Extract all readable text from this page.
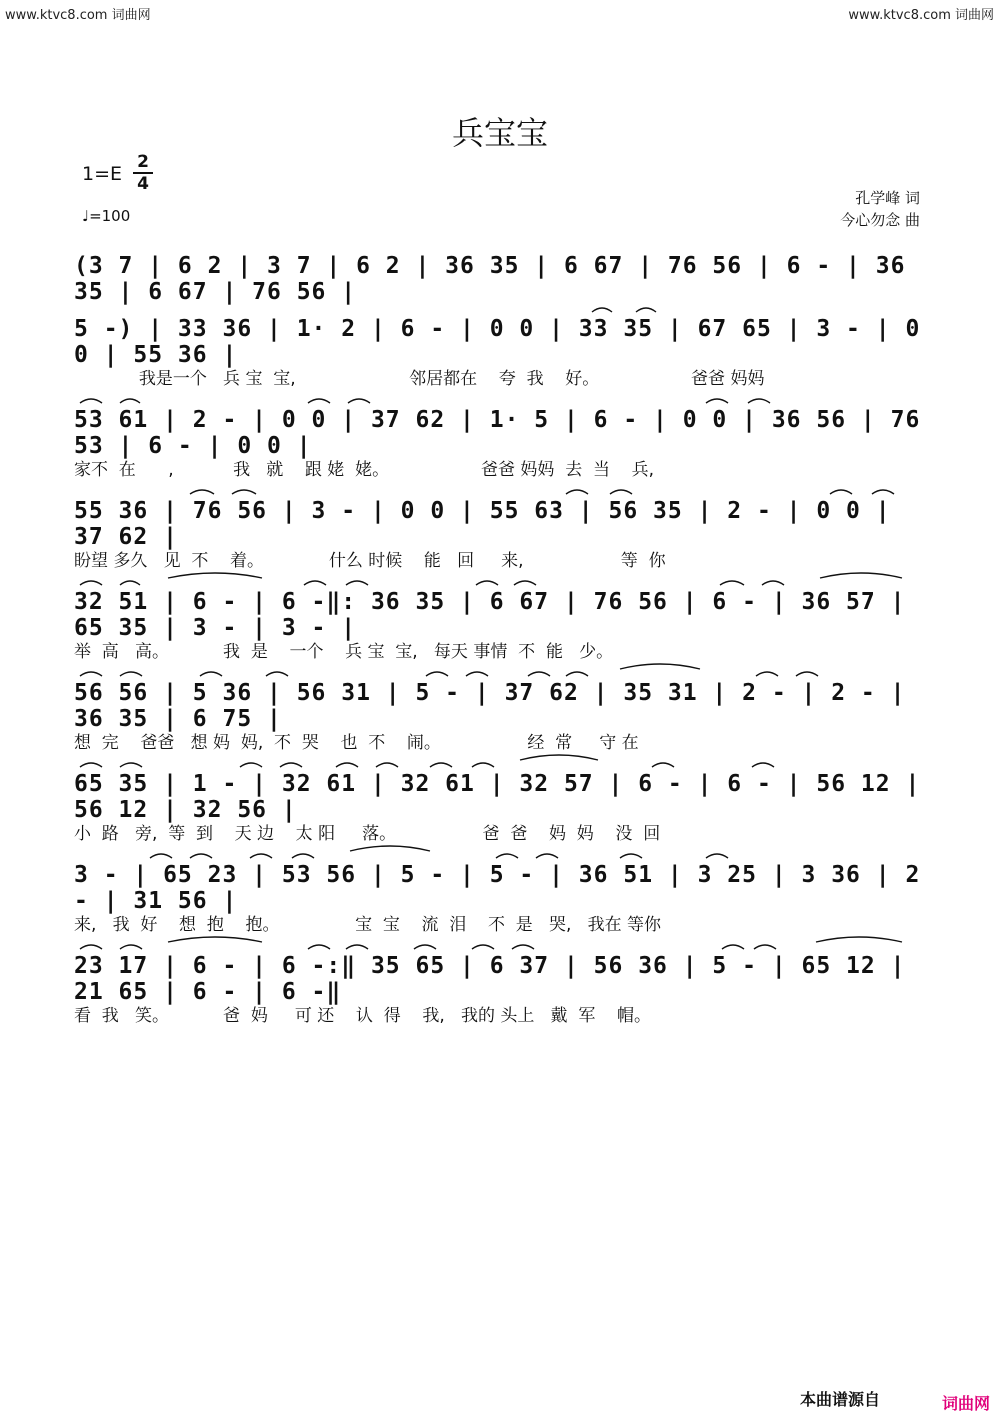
www.ktvc8.com 词曲网	www.ktvc8.com 词曲网
兵宝宝
1=E
2
4
♩=100
孔学峰 词
今心勿念 曲
(3 7 | 6 2 | 3 7 | 6 2 | 36 35 | 6 67 | 76 56 | 6 - | 36 35 | 6 67 | 76 56 |
5 -) | 33 36 | 1· 2 | 6 - | 0 0 | 33 35 | 67 65 | 3 - | 0 0 | 55 36 |
我是一个   兵 宝  宝,                     邻居都在    夸  我    好。                 爸爸 妈妈
53 61 | 2 - | 0 0 | 37 62 | 1· 5 | 6 - | 0 0 | 36 56 | 76 53 | 6 - | 0 0 |
家不  在      ,           我   就    跟 姥  姥。                 爸爸 妈妈  去  当    兵,
55 36 | 76 56 | 3 - | 0 0 | 55 63 | 56 35 | 2 - | 0 0 | 37 62 |
盼望 多久   见  不    着。            什么 时候    能   回     来,                  等  你
32 51 | 6 - | 6 -‖: 36 35 | 6 67 | 76 56 | 6 - | 36 57 | 65 35 | 3 - | 3 - |
举  高   高。          我  是    一个    兵 宝  宝,   每天 事情  不  能   少。
56 56 | 5 36 | 56 31 | 5 - | 37 62 | 35 31 | 2 - | 2 - | 36 35 | 6 75 |
想  完    爸爸   想 妈  妈,  不  哭    也  不    闹。                经  常     守 在
65 35 | 1 - | 32 61 | 32 61 | 32 57 | 6 - | 6 - | 56 12 | 56 12 | 32 56 |
小  路   旁,  等  到    天 边    太 阳     落。                爸  爸    妈  妈    没  回
3 - | 65 23 | 53 56 | 5 - | 5 - | 36 51 | 3 25 | 3 36 | 2 - | 31 56 |
来,   我  好    想  抱    抱。              宝  宝    流  泪    不  是   哭,   我在 等你
23 17 | 6 - | 6 -:‖ 35 65 | 6 37 | 56 36 | 5 - | 65 12 | 21 65 | 6 - | 6 -‖
看  我   笑。          爸  妈     可 还    认  得    我,   我的 头上   戴  军    帽。
本曲谱源自	词曲网
